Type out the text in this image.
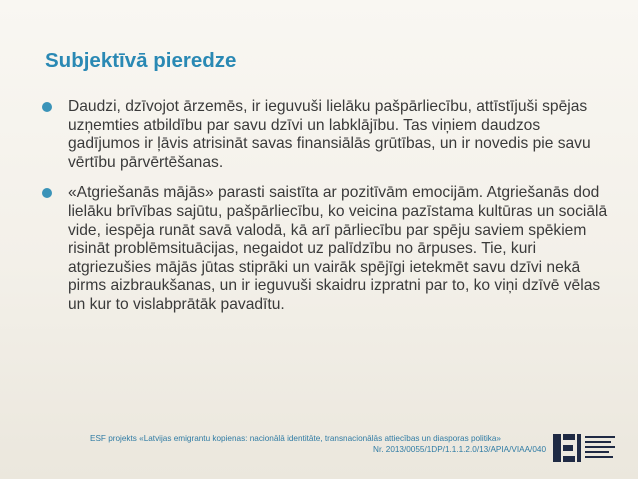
Subjektīvā pieredze
Daudzi, dzīvojot ārzemēs, ir ieguvuši lielāku pašpārliecību, attīstījuši spējas uzņemties atbildību par savu dzīvi un labklājību. Tas viņiem daudzos gadījumos ir ļāvis atrisināt savas finansiālās grūtības, un ir novedis pie savu vērtību pārvērtēšanas.
«Atgriešanās mājās» parasti saistīta ar pozitīvām emocijām. Atgriešanās dod lielāku brīvības sajūtu, pašpārliecību, ko veicina pazīstama kultūras un sociālā vide, iespēja runāt savā valodā, kā arī pārliecību par spēju saviem spēkiem risināt problēmsituācijas, negaidot uz palīdzību no ārpuses. Tie, kuri atgriezušies mājās jūtas stiprāki un vairāk spējīgi ietekmēt savu dzīvi nekā pirms aizbraukšanas, un ir ieguvuši skaidru izpratni par to, ko viņi dzīvē vēlas un kur to vislabprātāk pavadītu.
ESF projekts «Latvijas emigrantu kopienas: nacionālā identitāte, transnacionālās attiecības un diasporas politika»
Nr. 2013/0055/1DP/1.1.1.2.0/13/APIA/VIAA/040
